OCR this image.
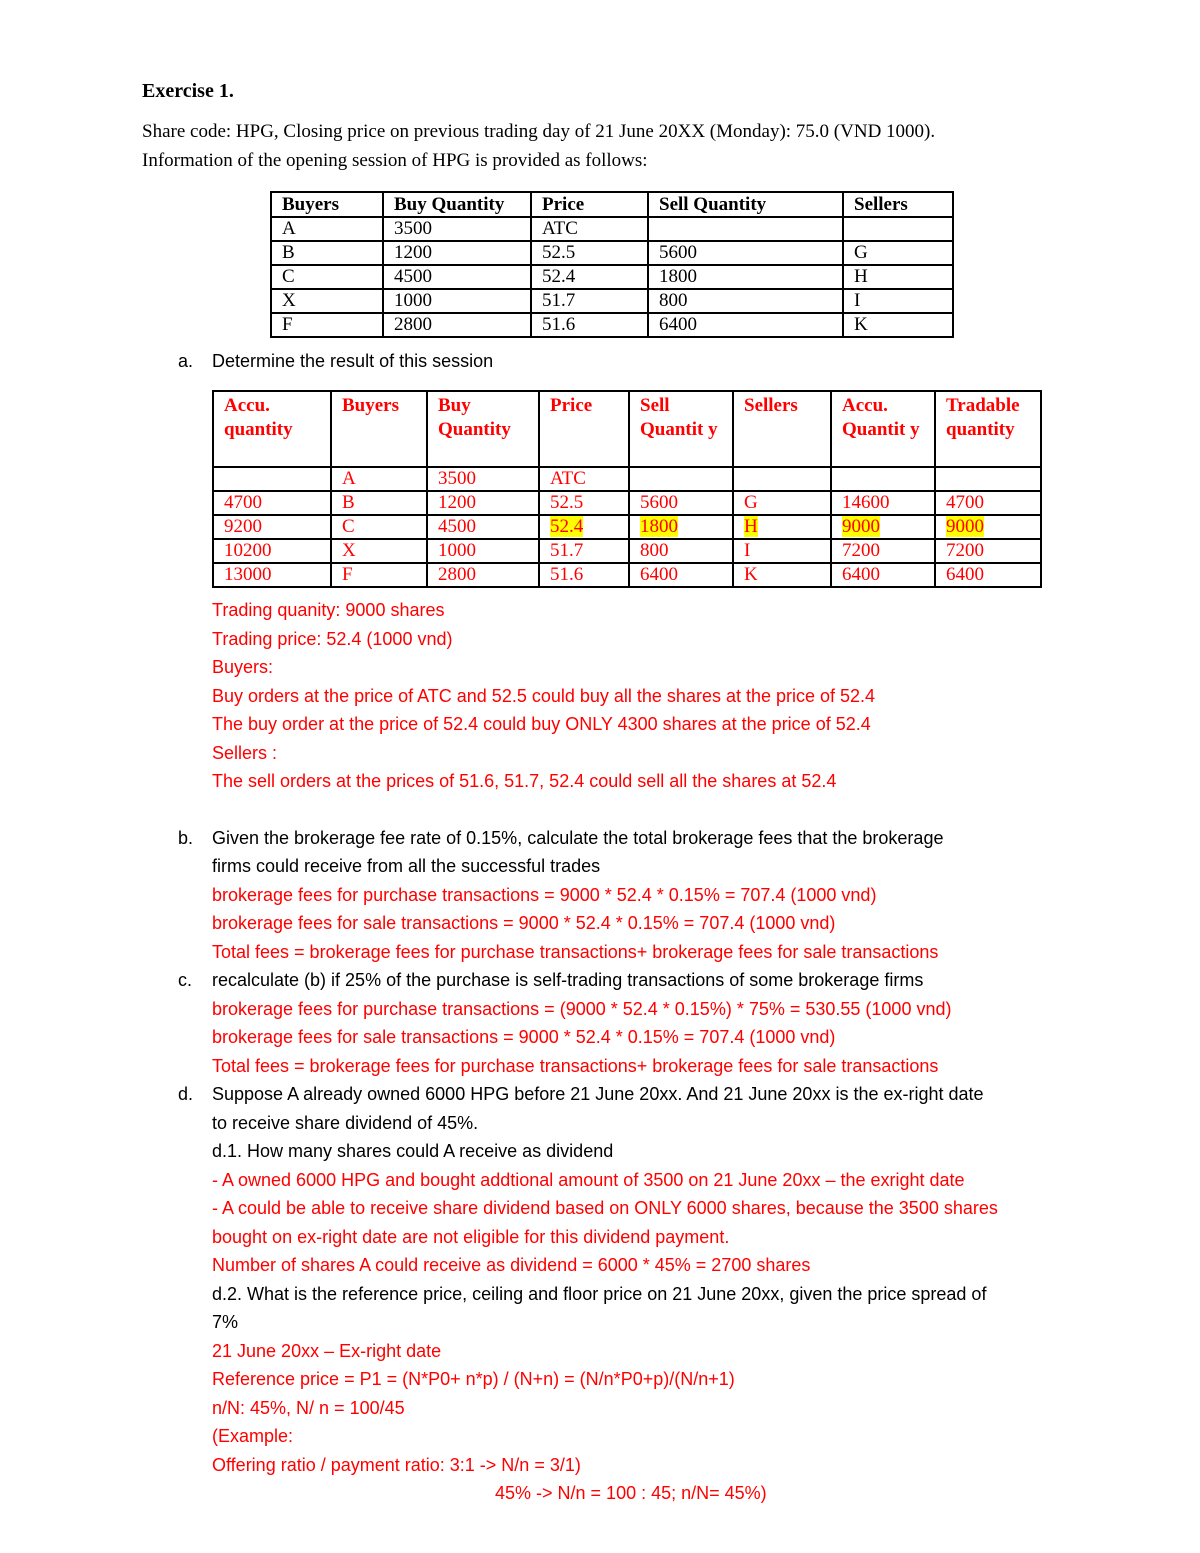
Exercise 1.
Share code: HPG, Closing price on previous trading day of 21 June 20XX (Monday): 75.0 (VND 1000).
Information of the opening session of HPG is provided as follows:
Buyers	Buy Quantity	Price	Sell Quantity	Sellers
A	3500	ATC		
B	1200	52.5	5600	G
C	4500	52.4	1800	H
X	1000	51.7	800	I
F	2800	51.6	6400	K
a. Determine the result of this session
Accu. quantity	Buyers	Buy Quantity	Price	Sell Quantit y	Sellers	Accu. Quantit y	Tradable quantity
	A	3500	ATC				
4700	B	1200	52.5	5600	G	14600	4700
9200	C	4500	52.4	1800	H	9000	9000
10200	X	1000	51.7	800	I	7200	7200
13000	F	2800	51.6	6400	K	6400	6400
Trading quanity: 9000 shares
Trading price: 52.4 (1000 vnd)
Buyers:
Buy orders at the price of ATC and 52.5 could buy all the shares at the price of 52.4
The buy order at the price of 52.4 could buy ONLY 4300 shares at the price of 52.4
Sellers :
The sell orders at the prices of 51.6, 51.7, 52.4 could sell all the shares at 52.4
b. Given the brokerage fee rate of 0.15%, calculate the total brokerage fees that the brokerage
firms could receive from all the successful trades
brokerage fees for purchase transactions = 9000 * 52.4 * 0.15% = 707.4 (1000 vnd)
brokerage fees for sale transactions = 9000 * 52.4 * 0.15% = 707.4 (1000 vnd)
Total fees = brokerage fees for purchase transactions+ brokerage fees for sale transactions
c. recalculate (b) if 25% of the purchase is self-trading transactions of some brokerage firms
brokerage fees for purchase transactions = (9000 * 52.4 * 0.15%) * 75% = 530.55 (1000 vnd)
brokerage fees for sale transactions = 9000 * 52.4 * 0.15% = 707.4 (1000 vnd)
Total fees = brokerage fees for purchase transactions+ brokerage fees for sale transactions
d. Suppose A already owned 6000 HPG before 21 June 20xx. And 21 June 20xx is the ex-right date
to receive share dividend of 45%.
d.1. How many shares could A receive as dividend
- A owned 6000 HPG and bought addtional amount of 3500 on 21 June 20xx – the exright date
- A could be able to receive share dividend based on ONLY 6000 shares, because the 3500 shares
bought on ex-right date are not eligible for this dividend payment.
Number of shares A could receive as dividend = 6000 * 45% = 2700 shares
d.2. What is the reference price, ceiling and floor price on 21 June 20xx, given the price spread of
7%
21 June 20xx – Ex-right date
Reference price = P1 = (N*P0+ n*p) / (N+n) = (N/n*P0+p)/(N/n+1)
n/N: 45%, N/ n = 100/45
(Example:
Offering ratio / payment ratio: 3:1 -> N/n = 3/1)
45% -> N/n = 100 : 45; n/N= 45%)
